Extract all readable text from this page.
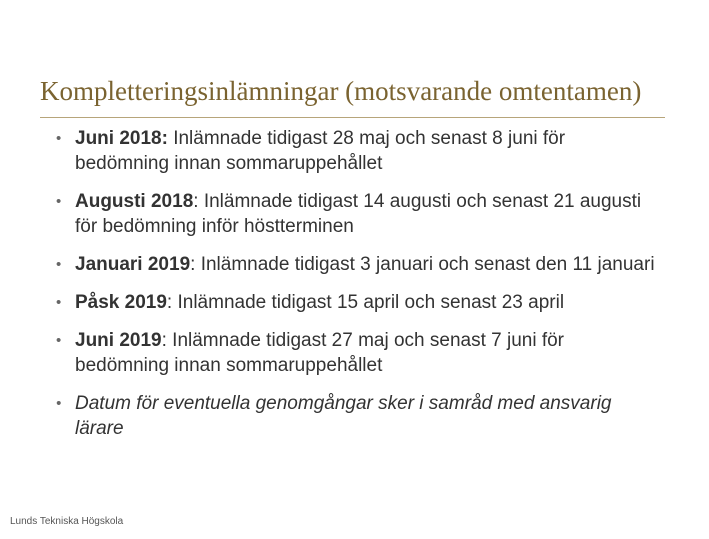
Kompletteringsinlämningar (motsvarande omtentamen)
• Juni 2018: Inlämnade tidigast 28 maj och senast 8 juni för bedömning innan sommaruppehållet
• Augusti 2018: Inlämnade tidigast 14 augusti och senast 21 augusti för bedömning inför höstterminen
• Januari 2019: Inlämnade tidigast 3 januari och senast den 11 januari
• Påsk 2019: Inlämnade tidigast 15 april och senast 23 april
• Juni 2019: Inlämnade tidigast 27 maj och senast 7 juni för bedömning innan sommaruppehållet
• Datum för eventuella genomgångar sker i samråd med ansvarig lärare
Lunds Tekniska Högskola
